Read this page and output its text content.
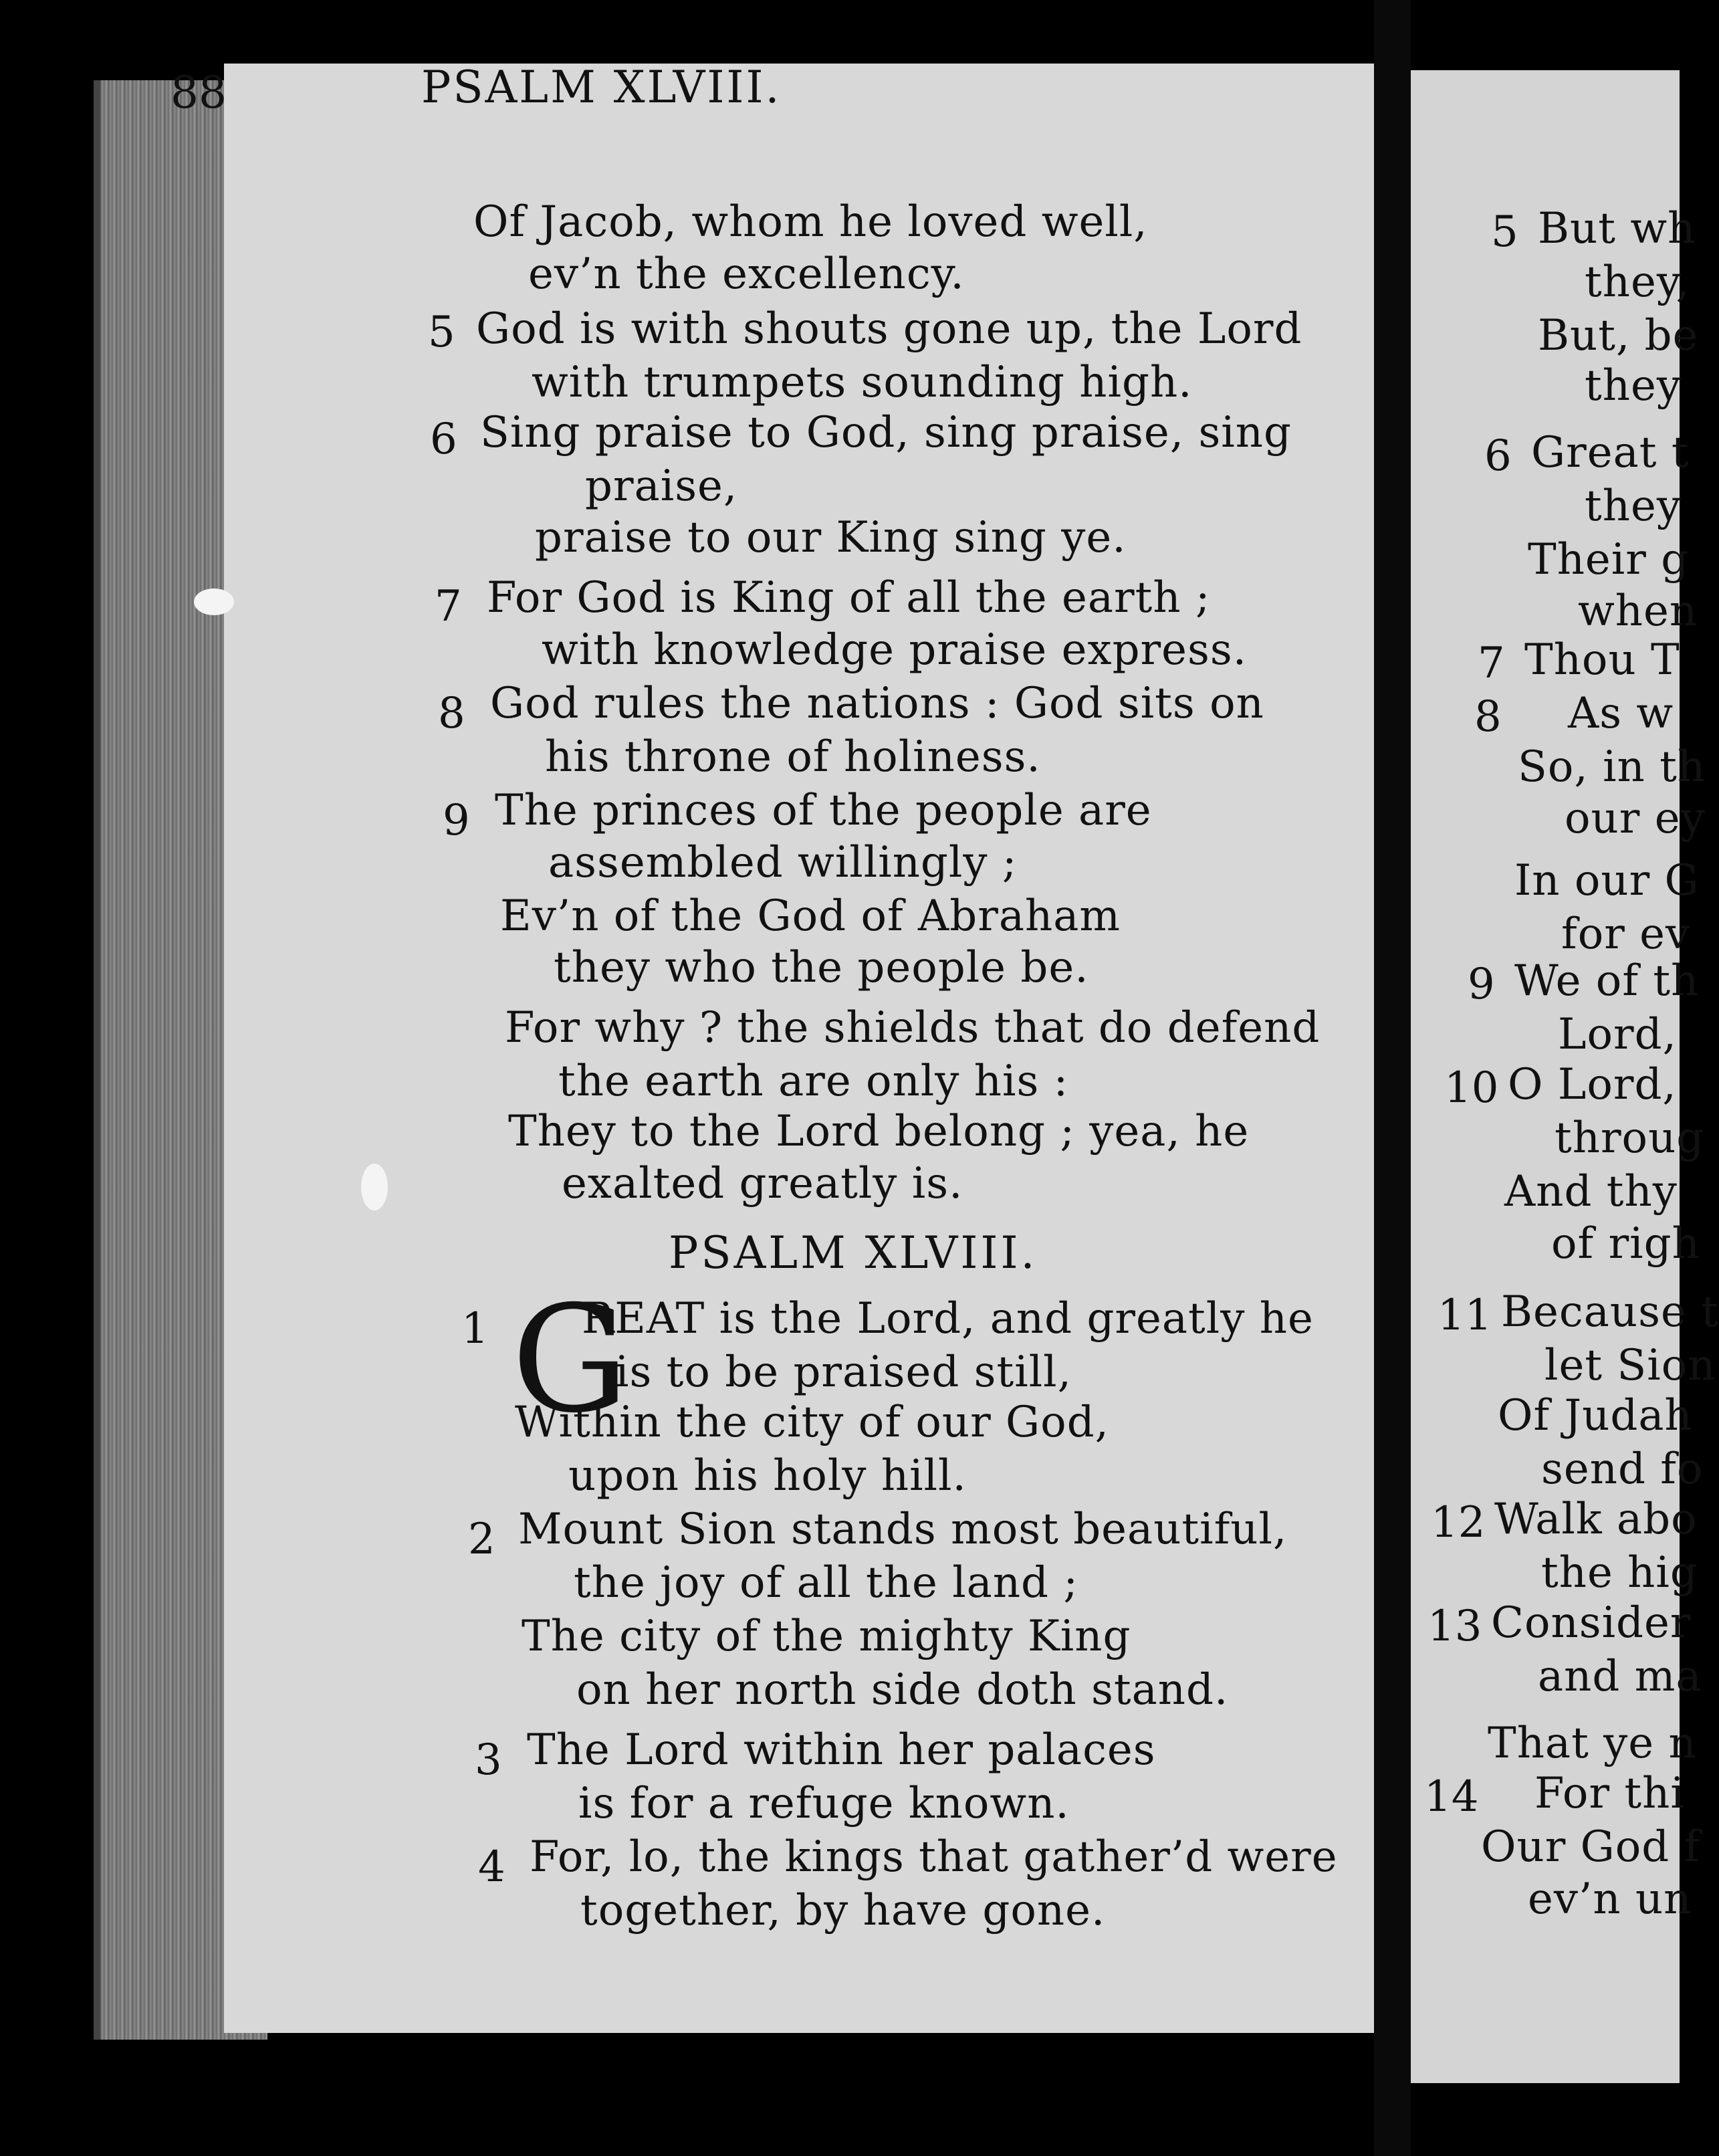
88	PSALM XLVIII.
Of Jacob, whom he loved well,
ev’n the excellency.
5 God is with shouts gone up, the Lord
with trumpets sounding high.
6 Sing praise to God, sing praise, sing
praise,
praise to our King sing ye.
7 For God is King of all the earth ;
with knowledge praise express.
8 God rules the nations : God sits on
his throne of holiness.
9 The princes of the people are
assembled willingly ;
Ev’n of the God of Abraham
they who the people be.
For why ? the shields that do defend
the earth are only his :
They to the Lord belong ; yea, he
exalted greatly is.
PSALM XLVIII.
G
1 REAT is the Lord, and greatly he
is to be praised still,
Within the city of our God,
upon his holy hill.
2 Mount Sion stands most beautiful,
the joy of all the land ;
The city of the mighty King
on her north side doth stand.
3 The Lord within her palaces
is for a refuge known.
4 For, lo, the kings that gather’d were
together, by have gone.
5 But wh
they,
But, be
they
6 Great t
they
Their g
when
7 Thou T
8 As w
So, in th
our ey
In our G
for ev
9 We of th
Lord,
10 O Lord,
throug
And thy
of righ
11 Because t
let Sion
Of Judah
send fo
12 Walk abo
the hig
13 Consider
and ma
That ye n
14 For thi
Our God f
ev’n un
